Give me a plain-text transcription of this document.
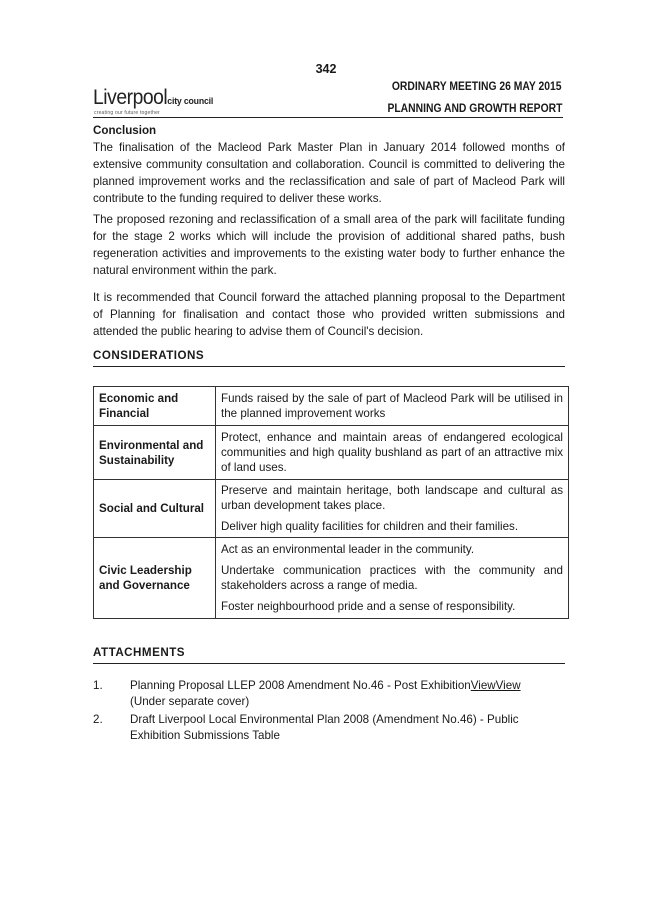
342
Liverpoolcity council
creating our future together
ORDINARY MEETING 26 MAY 2015
PLANNING AND GROWTH REPORT
Conclusion
The finalisation of the Macleod Park Master Plan in January 2014 followed months of extensive community consultation and collaboration. Council is committed to delivering the planned improvement works and the reclassification and sale of part of Macleod Park will contribute to the funding required to deliver these works.
The proposed rezoning and reclassification of a small area of the park will facilitate funding for the stage 2 works which will include the provision of additional shared paths, bush regeneration activities and improvements to the existing water body to further enhance the natural environment within the park.
It is recommended that Council forward the attached planning proposal to the Department of Planning for finalisation and contact those who provided written submissions and attended the public hearing to advise them of Council's decision.
CONSIDERATIONS
Economic and Financial	Funds raised by the sale of part of Macleod Park will be utilised in the planned improvement works

Environmental and Sustainability	Protect, enhance and maintain areas of endangered ecological communities and high quality bushland as part of an attractive mix of land uses.

Social and Cultural	Preserve and maintain heritage, both landscape and cultural as urban development takes place.

Deliver high quality facilities for children and their families.

Civic Leadership and Governance	Act as an environmental leader in the community.

Undertake communication practices with the community and stakeholders across a range of media.

Foster neighbourhood pride and a sense of responsibility.

ATTACHMENTS
1.	Planning Proposal LLEP 2008 Amendment No.46 - Post ExhibitionViewView
(Under separate cover)
2.	Draft Liverpool Local Environmental Plan 2008 (Amendment No.46) - Public Exhibition Submissions Table
